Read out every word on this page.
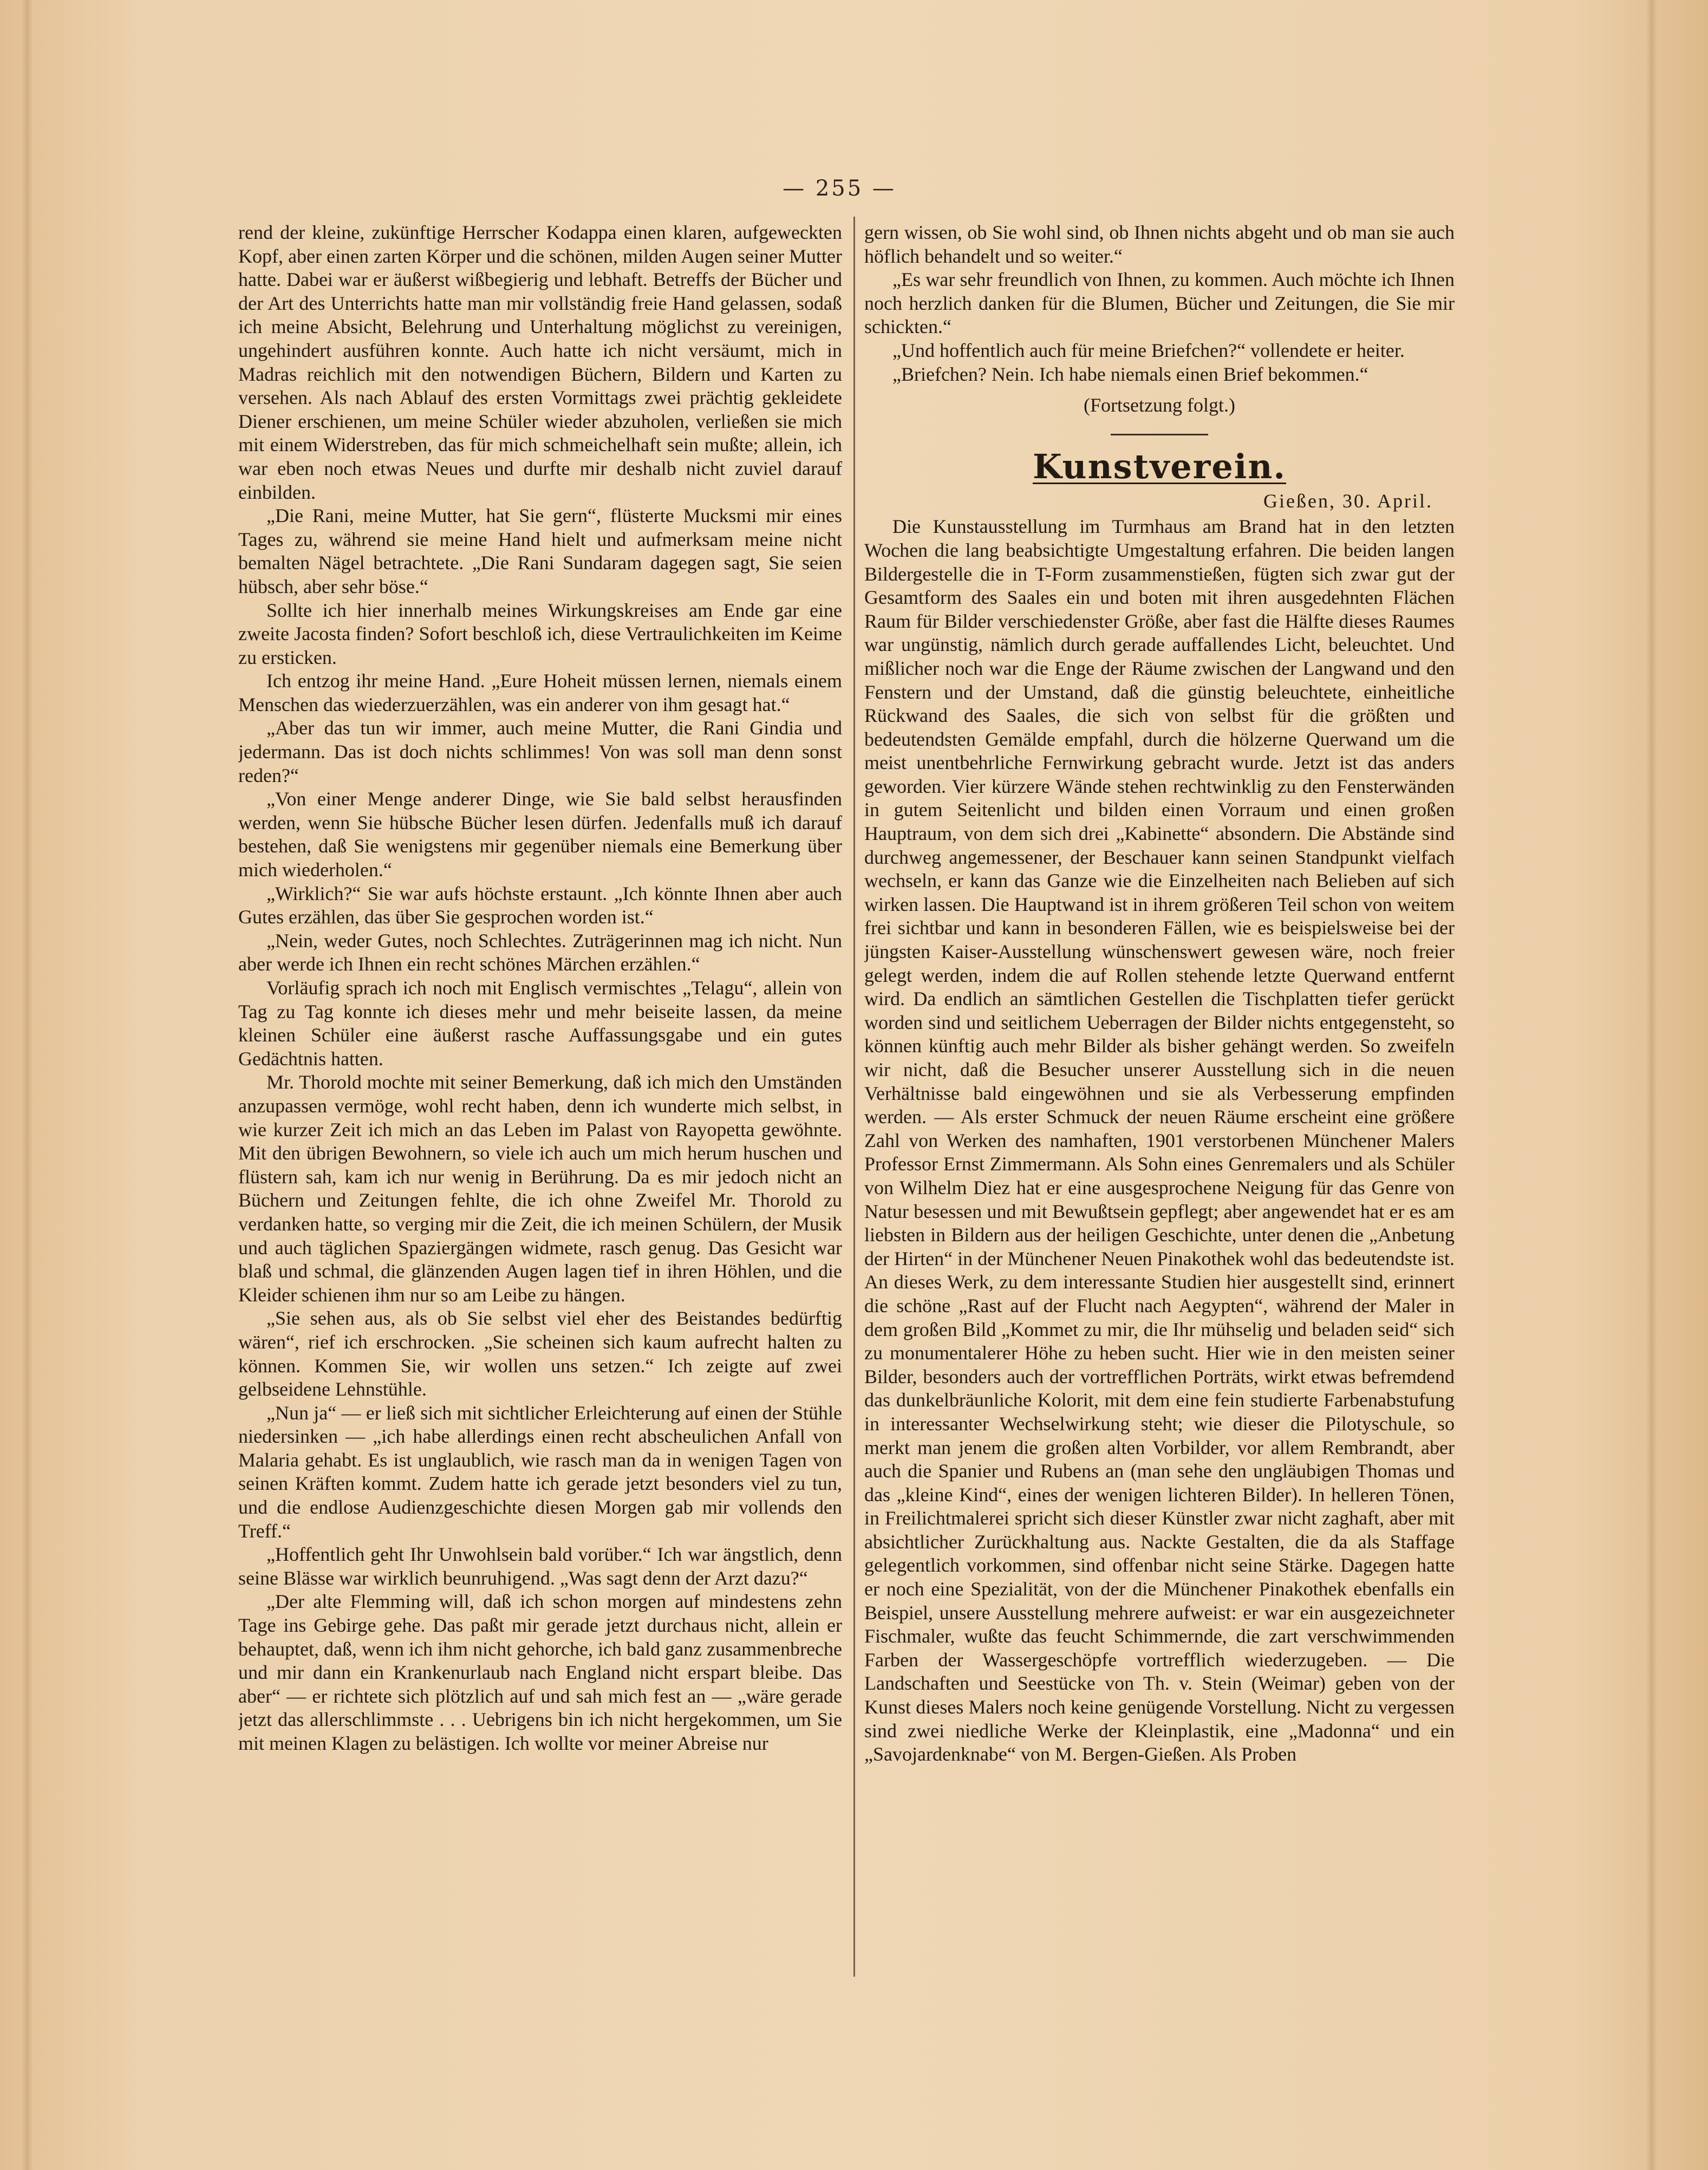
— 255 —

rend der kleine, zukünftige Herrscher Kodappa einen klaren, aufgeweckten Kopf, aber einen zarten Körper und die schönen, milden Augen seiner Mutter hatte. Dabei war er äußerst wißbegierig und lebhaft. Betreffs der Bücher und der Art des Unterrichts hatte man mir vollständig freie Hand gelassen, sodaß ich meine Absicht, Belehrung und Unterhaltung möglichst zu vereinigen, ungehindert ausführen konnte. Auch hatte ich nicht versäumt, mich in Madras reichlich mit den notwendigen Büchern, Bildern und Karten zu versehen. Als nach Ablauf des ersten Vormittags zwei prächtig gekleidete Diener erschienen, um meine Schüler wieder abzuholen, verließen sie mich mit einem Widerstreben, das für mich schmeichelhaft sein mußte; allein, ich war eben noch etwas Neues und durfte mir deshalb nicht zuviel darauf einbilden.

„Die Rani, meine Mutter, hat Sie gern“, flüsterte Mucksmi mir eines Tages zu, während sie meine Hand hielt und aufmerksam meine nicht bemalten Nägel betrachtete. „Die Rani Sundaram dagegen sagt, Sie seien hübsch, aber sehr böse.“

Sollte ich hier innerhalb meines Wirkungskreises am Ende gar eine zweite Jacosta finden? Sofort beschloß ich, diese Vertraulichkeiten im Keime zu ersticken.

Ich entzog ihr meine Hand. „Eure Hoheit müssen lernen, niemals einem Menschen das wiederzuerzählen, was ein anderer von ihm gesagt hat.“

„Aber das tun wir immer, auch meine Mutter, die Rani Gindia und jedermann. Das ist doch nichts schlimmes! Von was soll man denn sonst reden?“

„Von einer Menge anderer Dinge, wie Sie bald selbst herausfinden werden, wenn Sie hübsche Bücher lesen dürfen. Jedenfalls muß ich darauf bestehen, daß Sie wenigstens mir gegenüber niemals eine Bemerkung über mich wiederholen.“

„Wirklich?“ Sie war aufs höchste erstaunt. „Ich könnte Ihnen aber auch Gutes erzählen, das über Sie gesprochen worden ist.“

„Nein, weder Gutes, noch Schlechtes. Zuträgerinnen mag ich nicht. Nun aber werde ich Ihnen ein recht schönes Märchen erzählen.“

Vorläufig sprach ich noch mit Englisch vermischtes „Telagu“, allein von Tag zu Tag konnte ich dieses mehr und mehr beiseite lassen, da meine kleinen Schüler eine äußerst rasche Auffassungsgabe und ein gutes Gedächtnis hatten.

Mr. Thorold mochte mit seiner Bemerkung, daß ich mich den Umständen anzupassen vermöge, wohl recht haben, denn ich wunderte mich selbst, in wie kurzer Zeit ich mich an das Leben im Palast von Rayopetta gewöhnte. Mit den übrigen Bewohnern, so viele ich auch um mich herum huschen und flüstern sah, kam ich nur wenig in Berührung. Da es mir jedoch nicht an Büchern und Zeitungen fehlte, die ich ohne Zweifel Mr. Thorold zu verdanken hatte, so verging mir die Zeit, die ich meinen Schülern, der Musik und auch täglichen Spaziergängen widmete, rasch genug. Das Gesicht war blaß und schmal, die glänzenden Augen lagen tief in ihren Höhlen, und die Kleider schienen ihm nur so am Leibe zu hängen.

„Sie sehen aus, als ob Sie selbst viel eher des Beistandes bedürftig wären“, rief ich erschrocken. „Sie scheinen sich kaum aufrecht halten zu können. Kommen Sie, wir wollen uns setzen.“ Ich zeigte auf zwei gelbseidene Lehnstühle.

„Nun ja“ — er ließ sich mit sichtlicher Erleichterung auf einen der Stühle niedersinken — „ich habe allerdings einen recht abscheulichen Anfall von Malaria gehabt. Es ist unglaublich, wie rasch man da in wenigen Tagen von seinen Kräften kommt. Zudem hatte ich gerade jetzt besonders viel zu tun, und die endlose Audienzgeschichte diesen Morgen gab mir vollends den Treff.“

„Hoffentlich geht Ihr Unwohlsein bald vorüber.“ Ich war ängstlich, denn seine Blässe war wirklich beunruhigend. „Was sagt denn der Arzt dazu?“

„Der alte Flemming will, daß ich schon morgen auf mindestens zehn Tage ins Gebirge gehe. Das paßt mir gerade jetzt durchaus nicht, allein er behauptet, daß, wenn ich ihm nicht gehorche, ich bald ganz zusammenbreche und mir dann ein Krankenurlaub nach England nicht erspart bleibe. Das aber“ — er richtete sich plötzlich auf und sah mich fest an — „wäre gerade jetzt das allerschlimmste . . . Uebrigens bin ich nicht hergekommen, um Sie mit meinen Klagen zu belästigen. Ich wollte vor meiner Abreise nur

gern wissen, ob Sie wohl sind, ob Ihnen nichts abgeht und ob man sie auch höflich behandelt und so weiter.“

„Es war sehr freundlich von Ihnen, zu kommen. Auch möchte ich Ihnen noch herzlich danken für die Blumen, Bücher und Zeitungen, die Sie mir schickten.“

„Und hoffentlich auch für meine Briefchen?“ vollendete er heiter.

„Briefchen? Nein. Ich habe niemals einen Brief bekommen.“

(Fortsetzung folgt.)
Kunstverein.
Gießen, 30. April.

Die Kunstausstellung im Turmhaus am Brand hat in den letzten Wochen die lang beabsichtigte Umgestaltung erfahren. Die beiden langen Bildergestelle die in T-Form zusammenstießen, fügten sich zwar gut der Gesamtform des Saales ein und boten mit ihren ausgedehnten Flächen Raum für Bilder verschiedenster Größe, aber fast die Hälfte dieses Raumes war ungünstig, nämlich durch gerade auffallendes Licht, beleuchtet. Und mißlicher noch war die Enge der Räume zwischen der Langwand und den Fenstern und der Umstand, daß die günstig beleuchtete, einheitliche Rückwand des Saales, die sich von selbst für die größten und bedeutendsten Gemälde empfahl, durch die hölzerne Querwand um die meist unentbehrliche Fernwirkung gebracht wurde. Jetzt ist das anders geworden. Vier kürzere Wände stehen rechtwinklig zu den Fensterwänden in gutem Seitenlicht und bilden einen Vorraum und einen großen Hauptraum, von dem sich drei „Kabinette“ absondern. Die Abstände sind durchweg angemessener, der Beschauer kann seinen Standpunkt vielfach wechseln, er kann das Ganze wie die Einzelheiten nach Belieben auf sich wirken lassen. Die Hauptwand ist in ihrem größeren Teil schon von weitem frei sichtbar und kann in besonderen Fällen, wie es beispielsweise bei der jüngsten Kaiser-Ausstellung wünschenswert gewesen wäre, noch freier gelegt werden, indem die auf Rollen stehende letzte Querwand entfernt wird. Da endlich an sämtlichen Gestellen die Tischplatten tiefer gerückt worden sind und seitlichem Ueberragen der Bilder nichts entgegensteht, so können künftig auch mehr Bilder als bisher gehängt werden. So zweifeln wir nicht, daß die Besucher unserer Ausstellung sich in die neuen Verhältnisse bald eingewöhnen und sie als Verbesserung empfinden werden. — Als erster Schmuck der neuen Räume erscheint eine größere Zahl von Werken des namhaften, 1901 verstorbenen Münchener Malers Professor Ernst Zimmermann. Als Sohn eines Genremalers und als Schüler von Wilhelm Diez hat er eine ausgesprochene Neigung für das Genre von Natur besessen und mit Bewußtsein gepflegt; aber angewendet hat er es am liebsten in Bildern aus der heiligen Geschichte, unter denen die „Anbetung der Hirten“ in der Münchener Neuen Pinakothek wohl das bedeutendste ist. An dieses Werk, zu dem interessante Studien hier ausgestellt sind, erinnert die schöne „Rast auf der Flucht nach Aegypten“, während der Maler in dem großen Bild „Kommet zu mir, die Ihr mühselig und beladen seid“ sich zu monumentalerer Höhe zu heben sucht. Hier wie in den meisten seiner Bilder, besonders auch der vortrefflichen Porträts, wirkt etwas befremdend das dunkelbräunliche Kolorit, mit dem eine fein studierte Farbenabstufung in interessanter Wechselwirkung steht; wie dieser die Pilotyschule, so merkt man jenem die großen alten Vorbilder, vor allem Rembrandt, aber auch die Spanier und Rubens an (man sehe den ungläubigen Thomas und das „kleine Kind“, eines der wenigen lichteren Bilder). In helleren Tönen, in Freilichtmalerei spricht sich dieser Künstler zwar nicht zaghaft, aber mit absichtlicher Zurückhaltung aus. Nackte Gestalten, die da als Staffage gelegentlich vorkommen, sind offenbar nicht seine Stärke. Dagegen hatte er noch eine Spezialität, von der die Münchener Pinakothek ebenfalls ein Beispiel, unsere Ausstellung mehrere aufweist: er war ein ausgezeichneter Fischmaler, wußte das feucht Schimmernde, die zart verschwimmenden Farben der Wassergeschöpfe vortrefflich wiederzugeben. — Die Landschaften und Seestücke von Th. v. Stein (Weimar) geben von der Kunst dieses Malers noch keine genügende Vorstellung. Nicht zu vergessen sind zwei niedliche Werke der Kleinplastik, eine „Madonna“ und ein „Savojardenknabe“ von M. Bergen-Gießen. Als Proben
